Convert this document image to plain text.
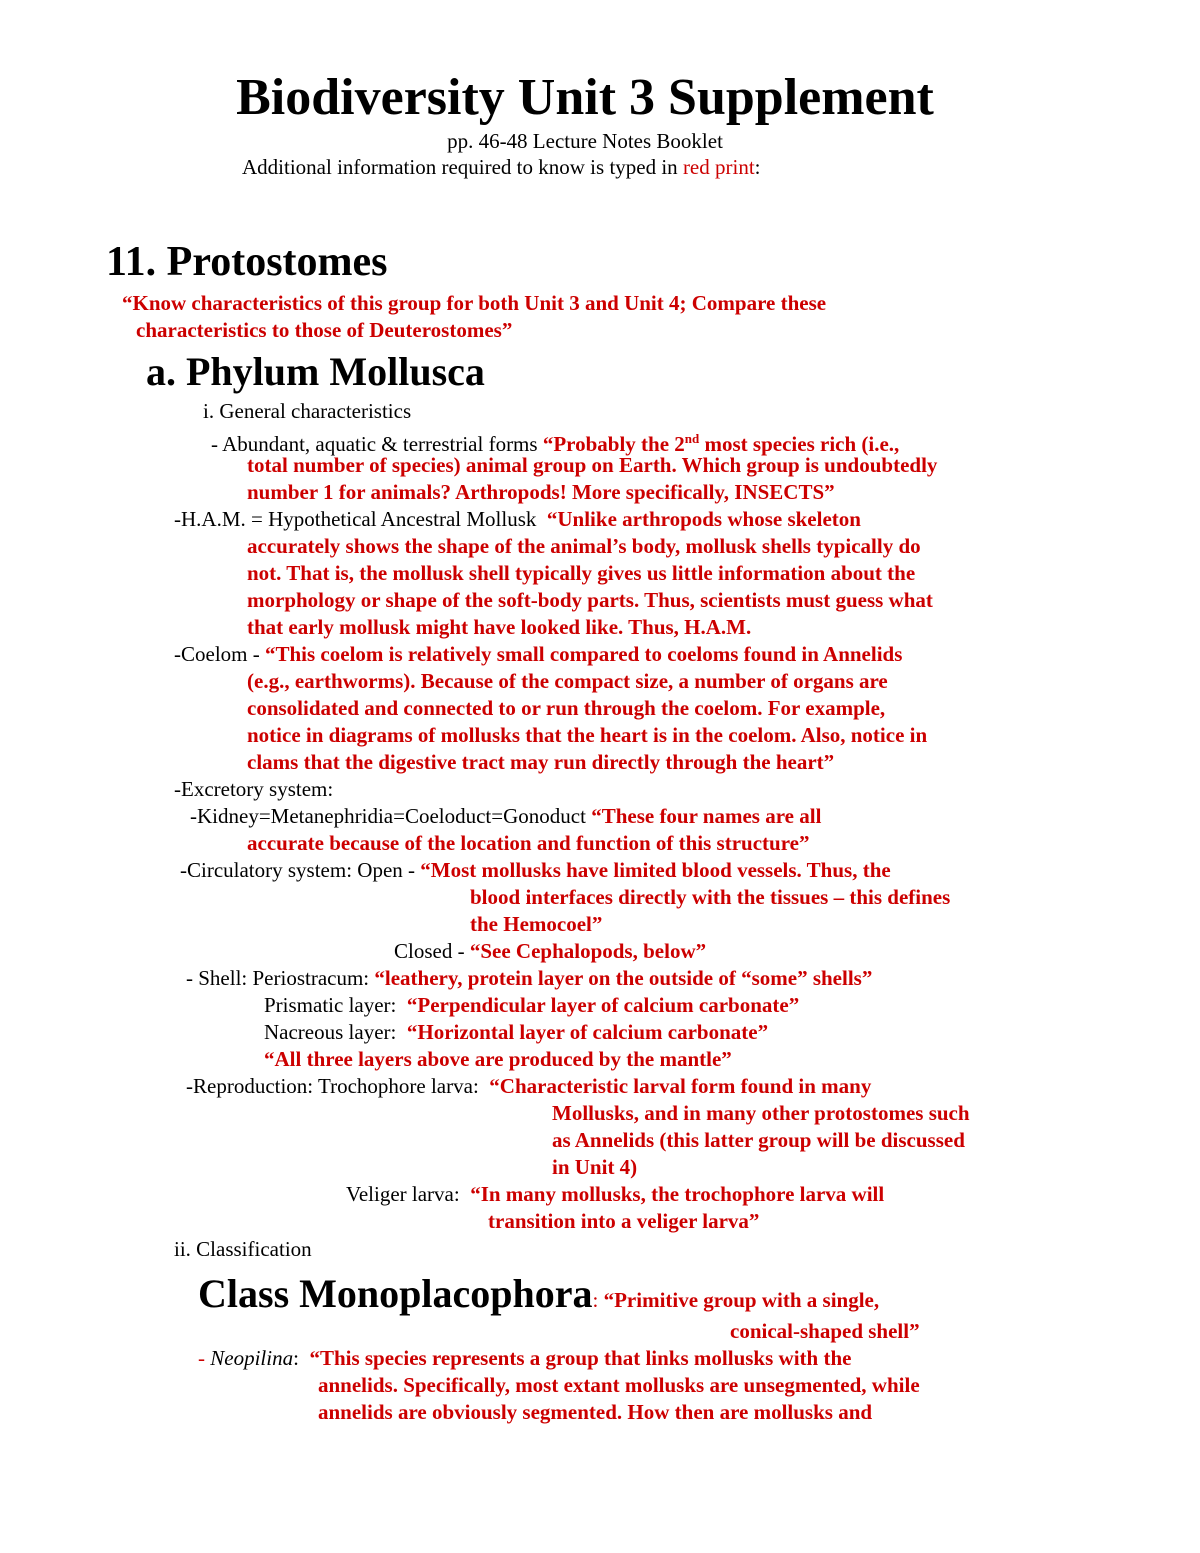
Biodiversity Unit 3 Supplement
pp. 46-48 Lecture Notes Booklet
Additional information required to know is typed in red print:
11. Protostomes
“Know characteristics of this group for both Unit 3 and Unit 4; Compare these
characteristics to those of Deuterostomes”
a. Phylum Mollusca
i. General characteristics
- Abundant, aquatic & terrestrial forms “Probably the 2nd most species rich (i.e.,
total number of species) animal group on Earth. Which group is undoubtedly
number 1 for animals? Arthropods! More specifically, INSECTS”
-H.A.M. = Hypothetical Ancestral Mollusk “Unlike arthropods whose skeleton
accurately shows the shape of the animal’s body, mollusk shells typically do
not. That is, the mollusk shell typically gives us little information about the
morphology or shape of the soft-body parts. Thus, scientists must guess what
that early mollusk might have looked like. Thus, H.A.M.
-Coelom - “This coelom is relatively small compared to coeloms found in Annelids
(e.g., earthworms). Because of the compact size, a number of organs are
consolidated and connected to or run through the coelom. For example,
notice in diagrams of mollusks that the heart is in the coelom. Also, notice in
clams that the digestive tract may run directly through the heart”
-Excretory system:
-Kidney=Metanephridia=Coeloduct=Gonoduct “These four names are all
accurate because of the location and function of this structure”
-Circulatory system: Open - “Most mollusks have limited blood vessels. Thus, the
blood interfaces directly with the tissues – this defines
the Hemocoel”
Closed - “See Cephalopods, below”
- Shell: Periostracum: “leathery, protein layer on the outside of “some” shells”
Prismatic layer: “Perpendicular layer of calcium carbonate”
Nacreous layer: “Horizontal layer of calcium carbonate”
“All three layers above are produced by the mantle”
-Reproduction: Trochophore larva: “Characteristic larval form found in many
Mollusks, and in many other protostomes such
as Annelids (this latter group will be discussed
in Unit 4)
Veliger larva: “In many mollusks, the trochophore larva will
transition into a veliger larva”
ii. Classification
Class Monoplacophora: “Primitive group with a single,
conical-shaped shell”
- Neopilina: “This species represents a group that links mollusks with the
annelids. Specifically, most extant mollusks are unsegmented, while
annelids are obviously segmented. How then are mollusks and
